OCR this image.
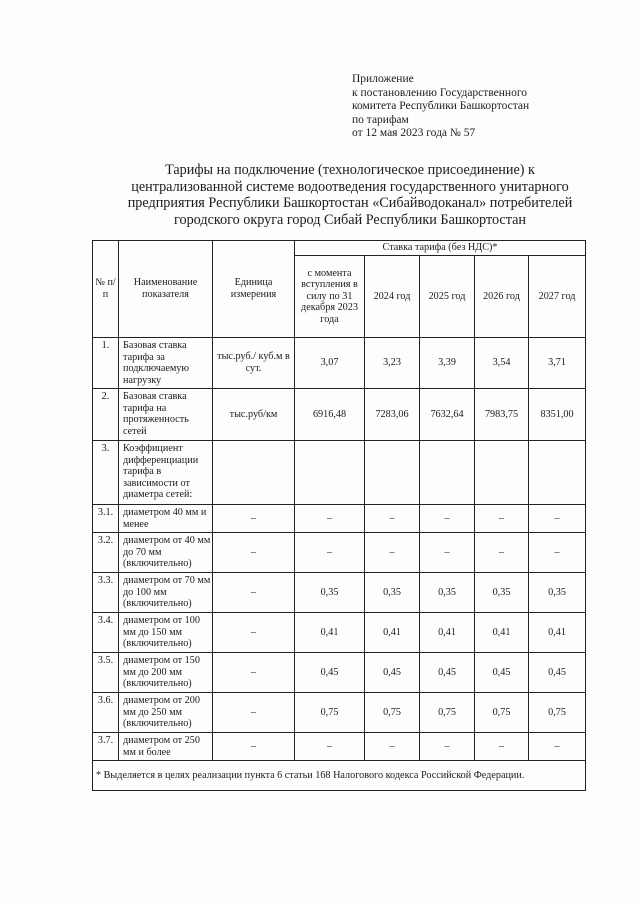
Приложение
к постановлению Государственного
комитета Республики Башкортостан
по тарифам
от 12 мая 2023 года № 57
Тарифы на подключение (технологическое присоединение) к
централизованной системе водоотведения государственного унитарного
предприятия Республики Башкортостан «Сибайводоканал» потребителей
городского округа город Сибай Республики Башкортостан
№ п/п	Наименование показателя	Единица измерения	Ставка тарифа (без НДС)*				
			с момента вступления в силу по 31 декабря 2023 года	2024 год	2025 год	2026 год	2027 год
1.	Базовая ставка тарифа за подключаемую нагрузку	тыс.руб./ куб.м в сут.	3,07	3,23	3,39	3,54	3,71
2.	Базовая ставка тарифа на протяженность сетей	тыс.руб/км	6916,48	7283,06	7632,64	7983,75	8351,00
3.	Коэффициент дифференциации тарифа в зависимости от диаметра сетей:						
3.1.	диаметром 40 мм и менее	–	–	–	–	–	–
3.2.	диаметром от 40 мм до 70 мм (включительно)	–	–	–	–	–	–
3.3.	диаметром от 70 мм до 100 мм (включительно)	–	0,35	0,35	0,35	0,35	0,35
3.4.	диаметром от 100 мм до 150 мм (включительно)	–	0,41	0,41	0,41	0,41	0,41
3.5.	диаметром от 150 мм до 200 мм (включительно)	–	0,45	0,45	0,45	0,45	0,45
3.6.	диаметром от 200 мм до 250 мм (включительно)	–	0,75	0,75	0,75	0,75	0,75
3.7.	диаметром от 250 мм и более	–	–	–	–	–	–
* Выделяется в целях реализации пункта 6 статьи 168 Налогового кодекса Российской Федерации.							
